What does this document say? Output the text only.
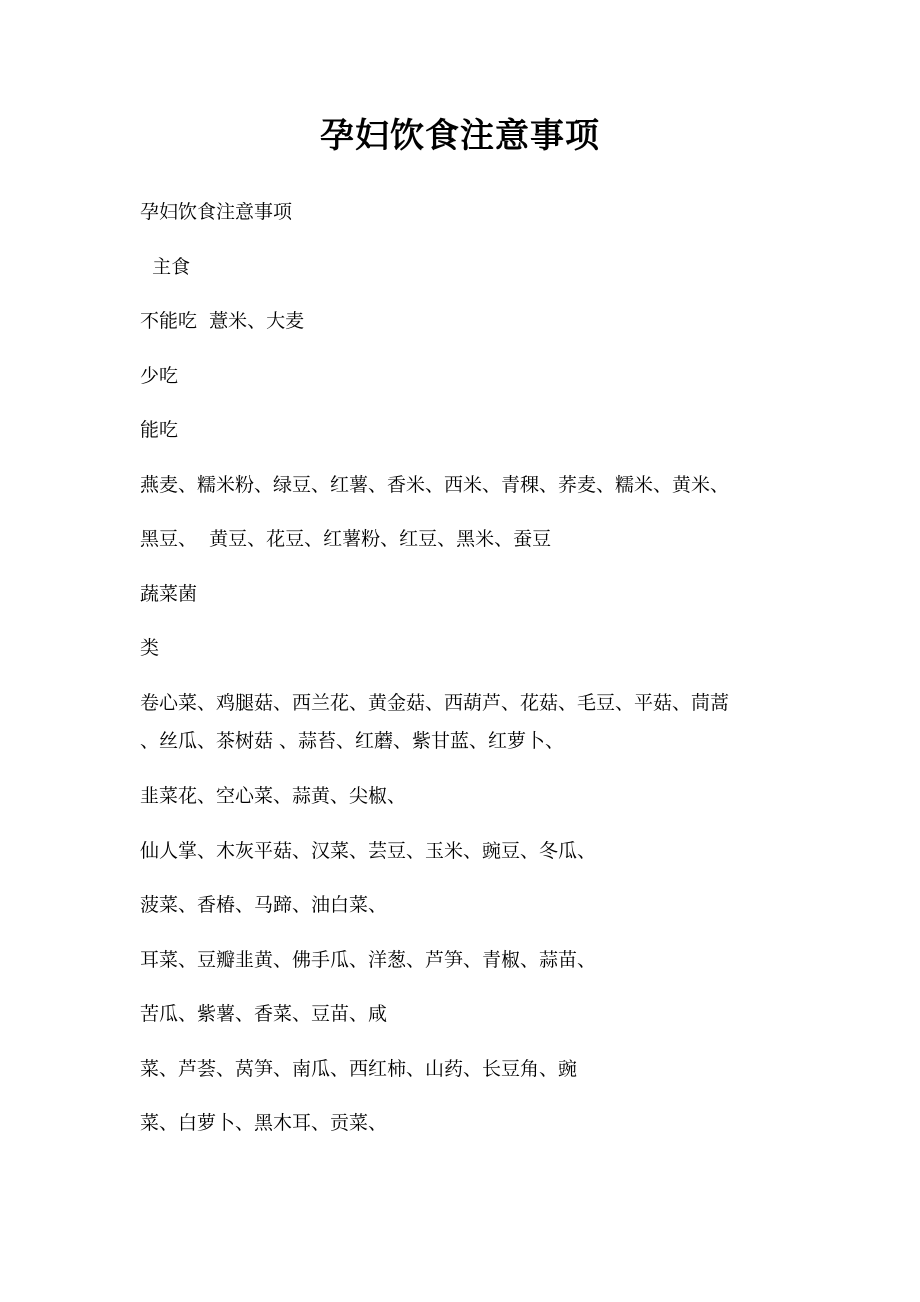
孕妇饮食注意事项
孕妇饮食注意事项
主食
不能吃  薏米、大麦
少吃
能吃
燕麦、糯米粉、绿豆、红薯、香米、西米、青稞、荞麦、糯米、黄米、
黑豆、  黄豆、花豆、红薯粉、红豆、黑米、蚕豆
蔬菜菌
类
卷心菜、鸡腿菇、西兰花、黄金菇、西葫芦、花菇、毛豆、平菇、茼蒿
、丝瓜、茶树菇 、蒜苔、红蘑、紫甘蓝、红萝卜、
韭菜花、空心菜、蒜黄、尖椒、
仙人掌、木灰平菇、汉菜、芸豆、玉米、豌豆、冬瓜、
菠菜、香椿、马蹄、油白菜、
耳菜、豆瓣韭黄、佛手瓜、洋葱、芦笋、青椒、蒜苗、
苦瓜、紫薯、香菜、豆苗、咸
菜、芦荟、莴笋、南瓜、西红柿、山药、长豆角、豌
菜、白萝卜、黑木耳、贡菜、
